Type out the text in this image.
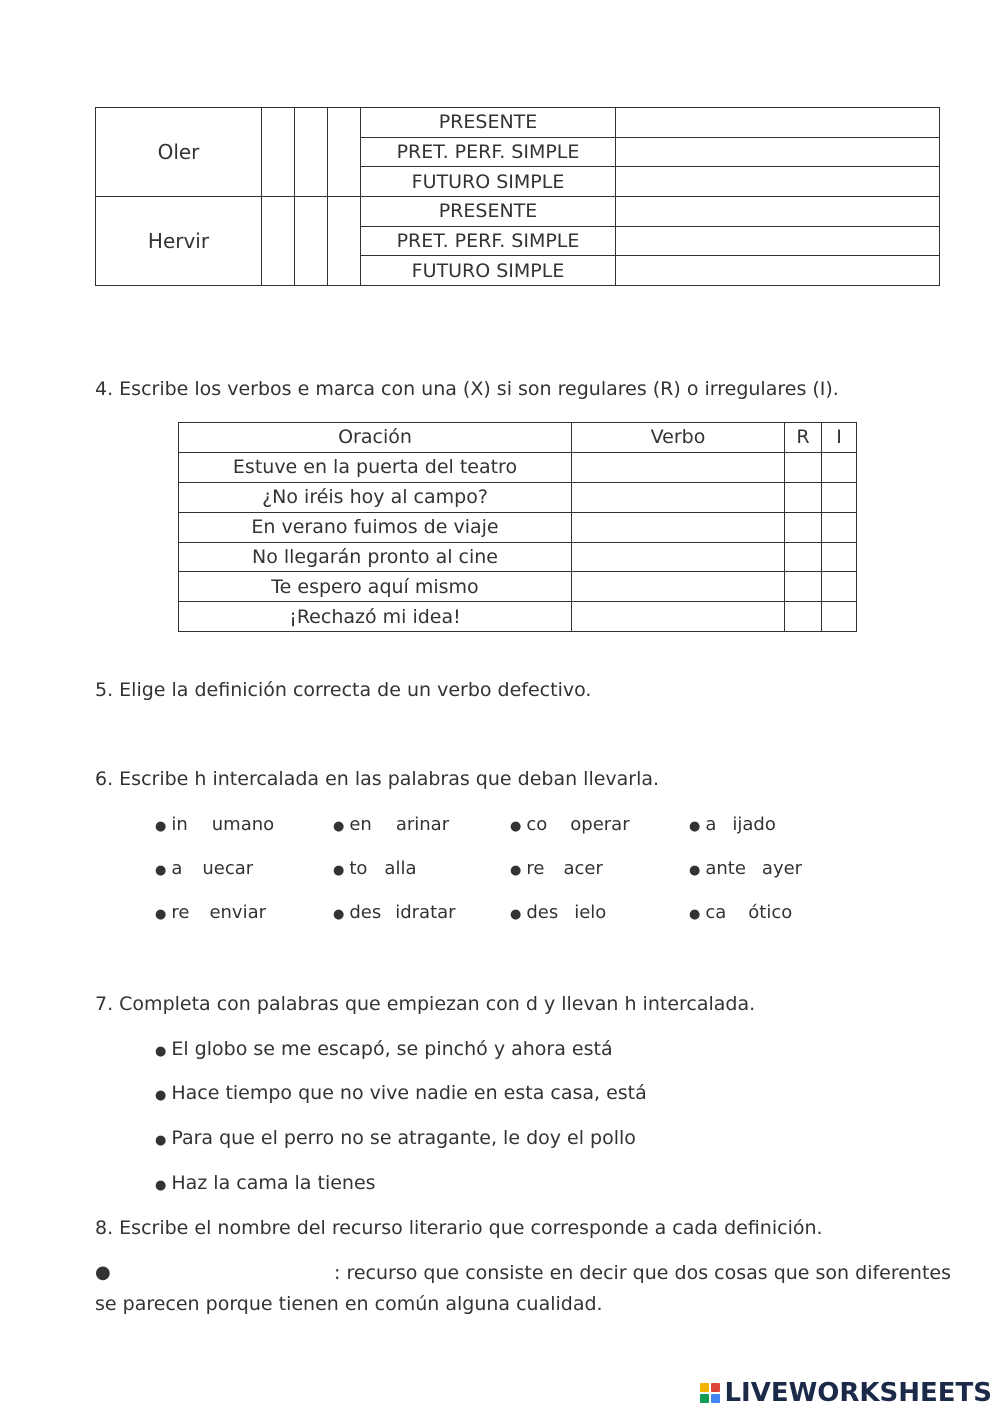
Oler				PRESENTE	
				PRET. PERF. SIMPLE	
				FUTURO SIMPLE	
Hervir				PRESENTE	
				PRET. PERF. SIMPLE	
				FUTURO SIMPLE	
4. Escribe los verbos e marca con una (X) si son regulares (R) o irregulares (I).
Oración	Verbo	R	I
Estuve en la puerta del teatro			
¿No iréis hoy al campo?			
En verano fuimos de viaje			
No llegarán pronto al cine			
Te espero aquí mismo			
¡Rechazó mi idea!			
5. Elige la definición correcta de un verbo defectivo.
6. Escribe h intercalada en las palabras que deban llevarla.
● in umano	● en arinar	● co operar	● a ijado
● a uecar	● to alla	● re acer	● ante ayer
● re enviar	● des idratar	● des ielo	● ca ótico
7. Completa con palabras que empiezan con d y llevan h intercalada.
● El globo se me escapó, se pinchó y ahora está
● Hace tiempo que no vive nadie en esta casa, está
● Para que el perro no se atragante, le doy el pollo
● Haz la cama la tienes
8. Escribe el nombre del recurso literario que corresponde a cada definición.
●	: recurso que consiste en decir que dos cosas que son diferentes
se parecen porque tienen en común alguna cualidad.
LIVEWORKSHEETS
